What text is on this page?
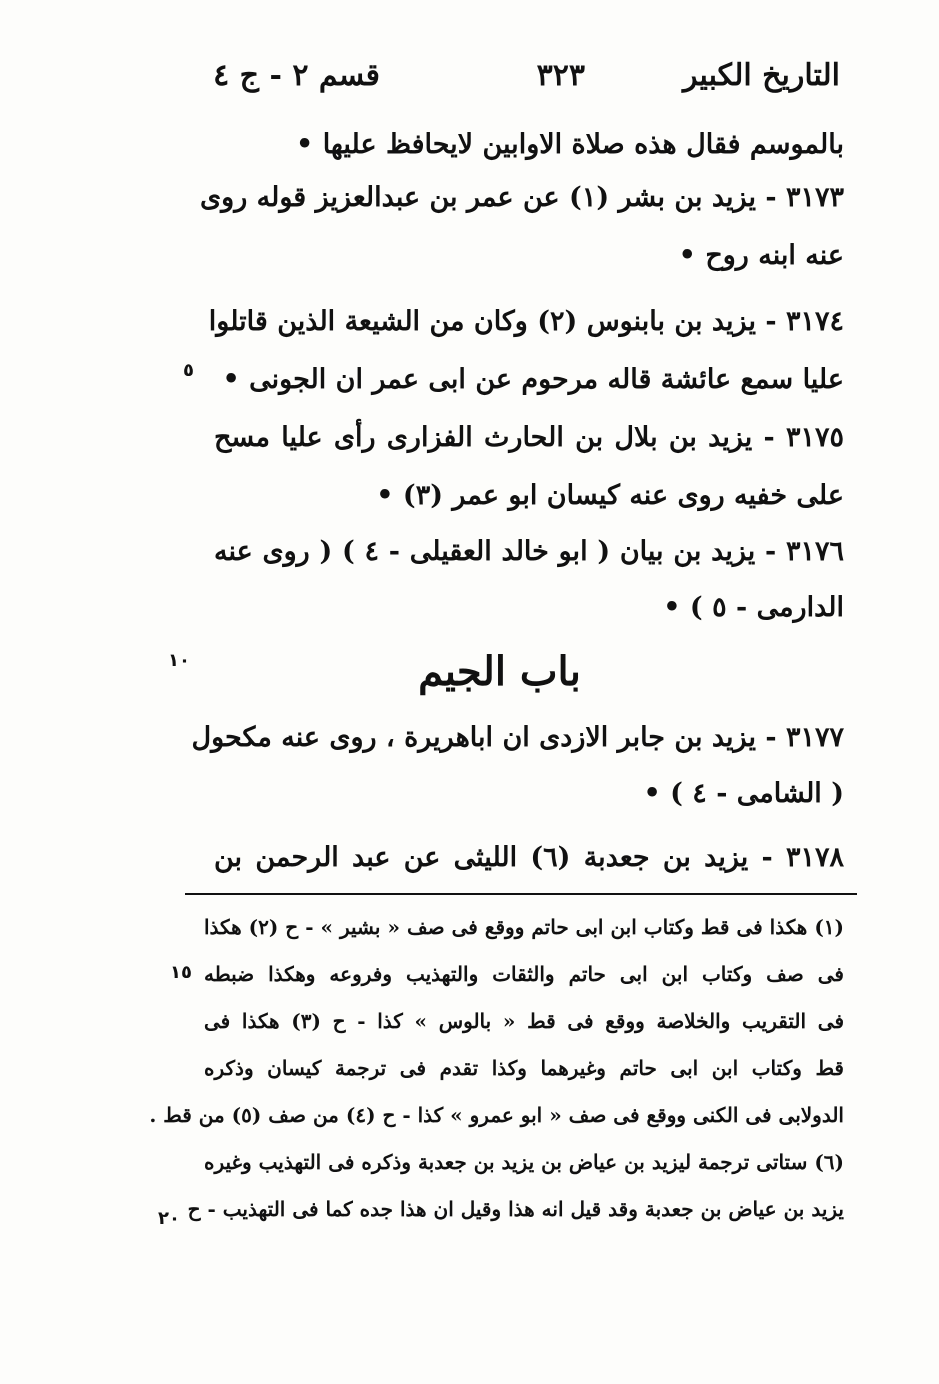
التاريخ الكبير
٣٢٣
قسم ٢ - ج ٤
بالموسم فقال هذه صلاة الاوابين لايحافظ عليها •
٣١٧٣ - يزيد بن بشر (١) عن عمر بن عبدالعزيز قوله روى
عنه ابنه روح •
٣١٧٤ - يزيد بن بابنوس (٢) وكان من الشيعة الذين قاتلوا
عليا سمع عائشة قاله مرحوم عن ابى عمر ان الجونى •
٣١٧٥ - يزيد بن بلال بن الحارث الفزارى رأى عليا مسح
على خفيه روى عنه كيسان ابو عمر (٣) •
٣١٧٦ - يزيد بن بيان ( ابو خالد العقيلى - ٤ ) ( روى عنه
الدارمى - ٥ ) •
باب الجيم
٣١٧٧ - يزيد بن جابر الازدى ان اباهريرة ، روى عنه مكحول
( الشامى - ٤ ) •
٣١٧٨ - يزيد بن جعدبة (٦) الليثى عن عبد الرحمن بن
٥
١٠
١٥
٢٠
(١) هكذا فى قط وكتاب ابن ابى حاتم ووقع فى صف « بشير » - ح (٢) هكذا
فى صف وكتاب ابن ابى حاتم والثقات والتهذيب وفروعه وهكذا ضبطه
فى التقريب والخلاصة ووقع فى قط « بالوس » كذا - ح (٣) هكذا فى
قط وكتاب ابن ابى حاتم وغيرهما وكذا تقدم فى ترجمة كيسان وذكره
الدولابى فى الكنى ووقع فى صف « ابو عمرو » كذا - ح (٤) من صف (٥) من قط .
(٦) ستاتى ترجمة ليزيد بن عياض بن يزيد بن جعدبة وذكره فى التهذيب وغيره
يزيد بن عياض بن جعدبة وقد قيل انه هذا وقيل ان هذا جده كما فى التهذيب - ح
